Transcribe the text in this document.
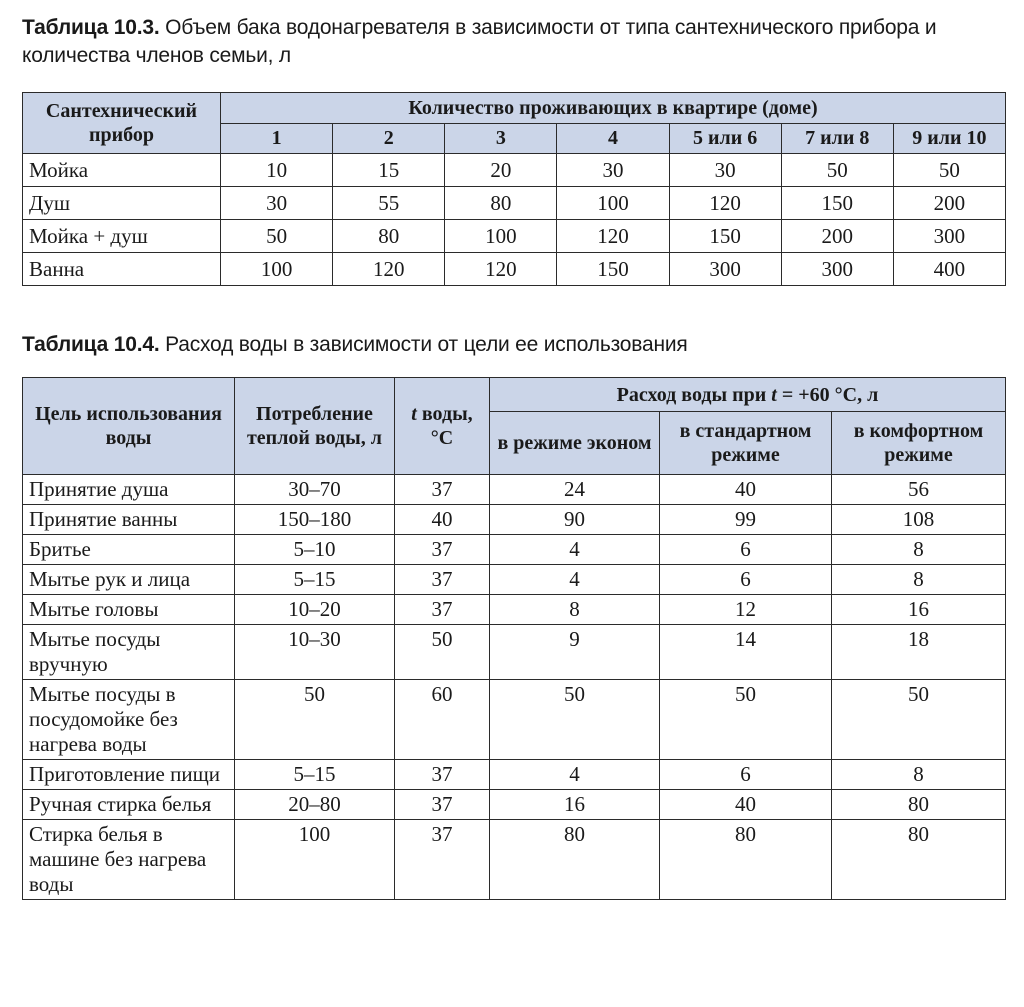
Таблица 10.3. Объем бака водонагревателя в зависимости от типа сантехнического прибора и количества членов семьи, л
Сантехнический прибор	Количество проживающих в квартире (доме)						
	1	2	3	4	5 или 6	7 или 8	9 или 10
Мойка	10	15	20	30	30	50	50
Душ	30	55	80	100	120	150	200
Мойка + душ	50	80	100	120	150	200	300
Ванна	100	120	120	150	300	300	400
Таблица 10.4. Расход воды в зависимости от цели ее использования
Цель использования воды	Потребление теплой воды, л	t воды, °C	Расход воды при t = +60 °C, л		
			в режиме эконом	в стандартном режиме	в комфортном режиме
Принятие душа	30–70	37	24	40	56
Принятие ванны	150–180	40	90	99	108
Бритье	5–10	37	4	6	8
Мытье рук и лица	5–15	37	4	6	8
Мытье головы	10–20	37	8	12	16
Мытье посуды вручную	10–30	50	9	14	18
Мытье посуды в посудомойке без нагрева воды	50	60	50	50	50
Приготовление пищи	5–15	37	4	6	8
Ручная стирка белья	20–80	37	16	40	80
Стирка белья в машине без нагрева воды	100	37	80	80	80
